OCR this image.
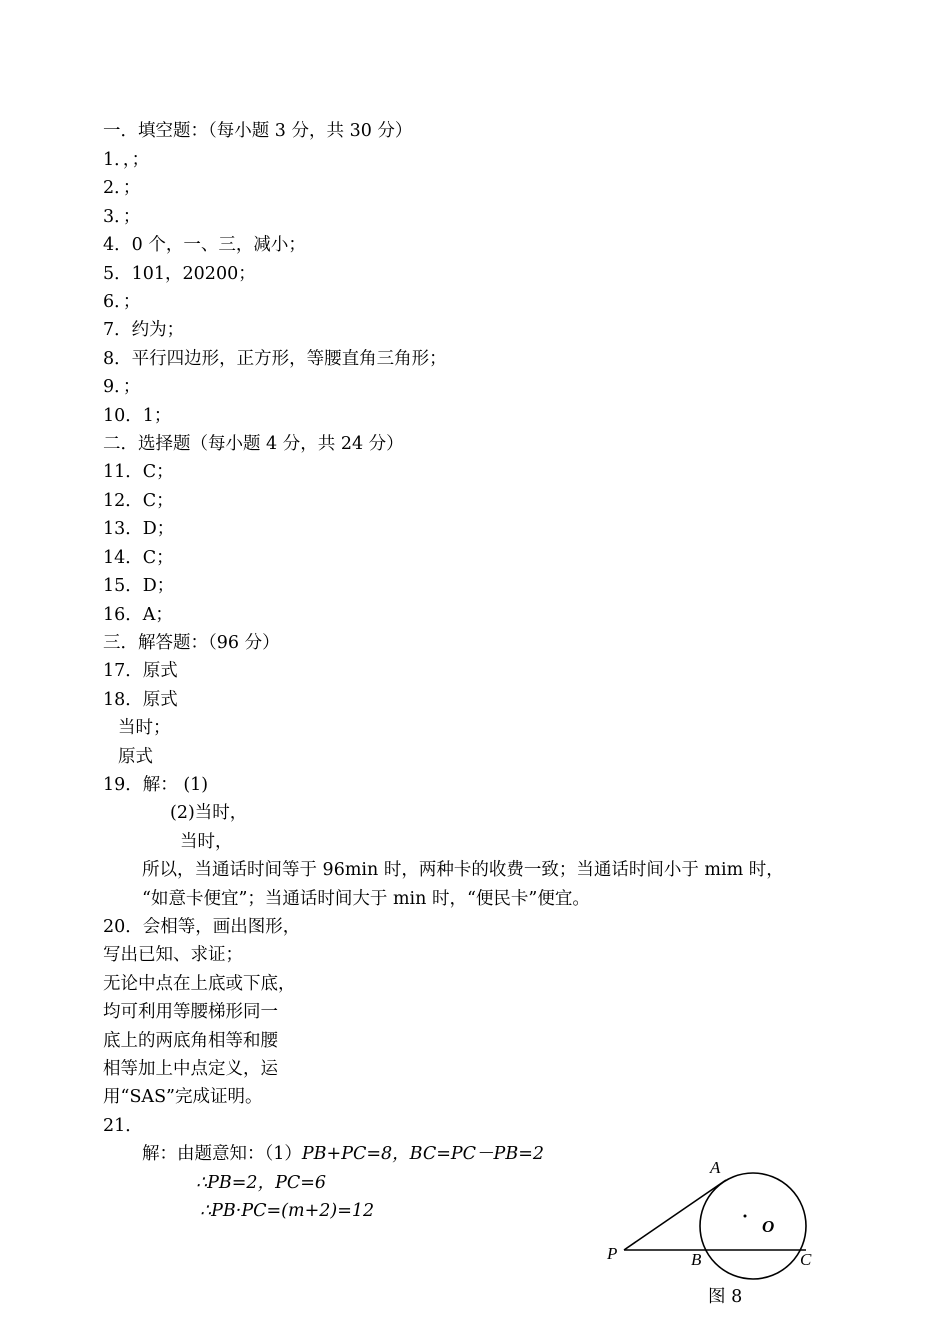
一．填空题：（每小题 3 分，共 30 分）
1．，；
2．；
3．；
4．0 个，一、三，减小；
5．101，20200；
6．；
7．约为；
8．平行四边形，正方形，等腰直角三角形；
9．；
10．1；
二．选择题（每小题 4 分，共 24 分）
11．C；
12．C；
13．D；
14．C；
15．D；
16．A；
三．解答题：（96 分）
17．原式
18．原式
当时；
原式
19．解： (1)
(2)当时，
当时，
所以，当通话时间等于 96min 时，两种卡的收费一致；当通话时间小于 mim 时，
“如意卡便宜”；当通话时间大于 min 时，“便民卡”便宜。
20．会相等，画出图形，
写出已知、求证；
无论中点在上底或下底，
均可利用等腰梯形同一
底上的两底角相等和腰
相等加上中点定义，运
用“SAS”完成证明。
21．
解：由题意知：（1）PB+PC=8，BC=PC－PB=2
∴PB=2，PC=6
∴PB·PC=(m+2)=12
A
O
P	B	C
图 8
